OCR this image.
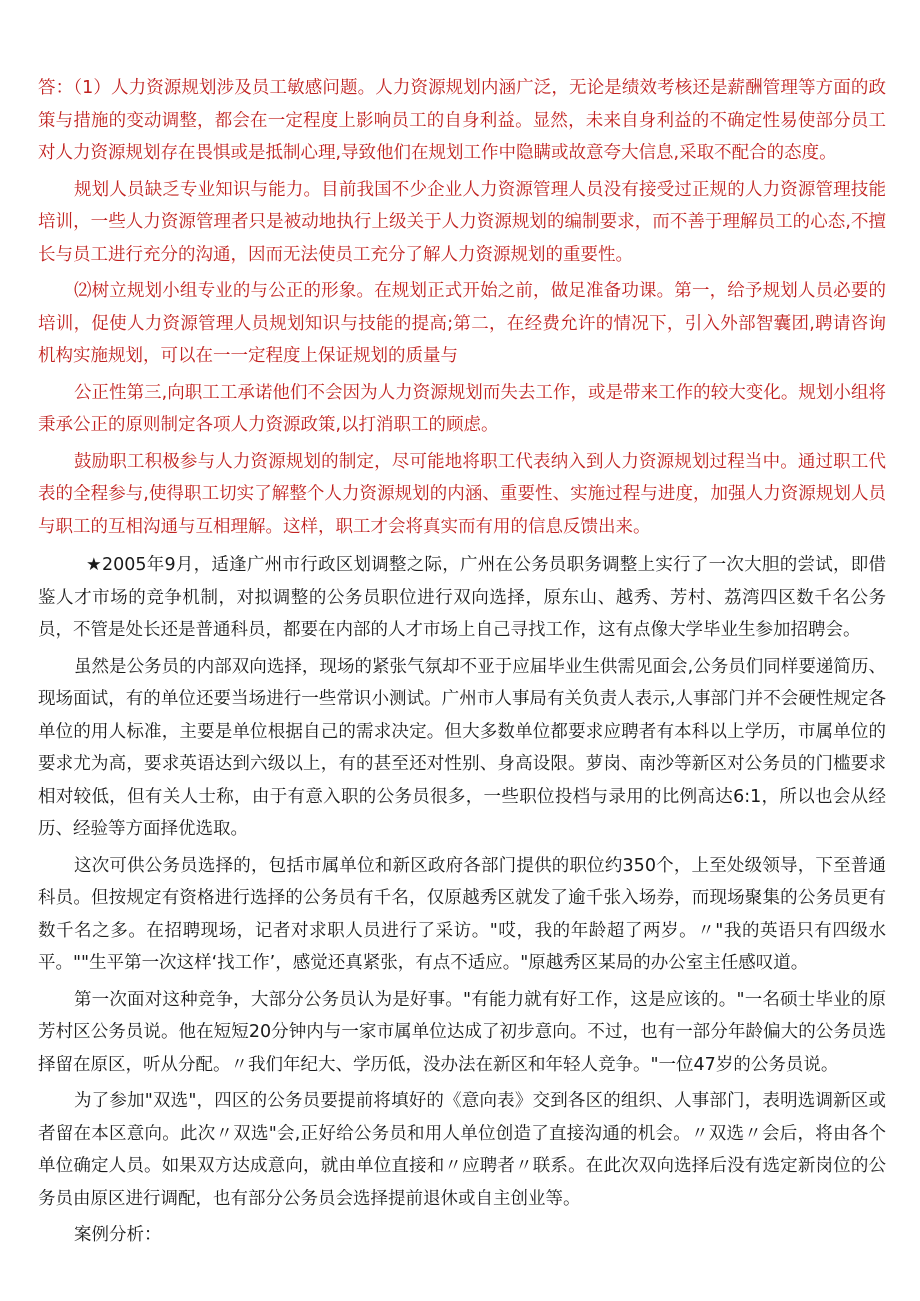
答：（1）人力资源规划涉及员工敏感问题。人力资源规划内涵广泛，无论是绩效考核还是薪酬管理等方面的政策与措施的变动调整，都会在一定程度上影响员工的自身利益。显然，未来自身利益的不确定性易使部分员工对人力资源规划存在畏惧或是抵制心理,导致他们在规划工作中隐瞒或故意夸大信息,采取不配合的态度。

规划人员缺乏专业知识与能力。目前我国不少企业人力资源管理人员没有接受过正规的人力资源管理技能培训，一些人力资源管理者只是被动地执行上级关于人力资源规划的编制要求，而不善于理解员工的心态,不擅长与员工进行充分的沟通，因而无法使员工充分了解人力资源规划的重要性。

⑵树立规划小组专业的与公正的形象。在规划正式开始之前，做足准备功课。第一，给予规划人员必要的培训，促使人力资源管理人员规划知识与技能的提高;第二，在经费允许的情况下，引入外部智囊团,聘请咨询机构实施规划，可以在一一定程度上保证规划的质量与

公正性第三,向职工工承诺他们不会因为人力资源规划而失去工作，或是带来工作的较大变化。规划小组将秉承公正的原则制定各项人力资源政策,以打消职工的顾虑。

鼓励职工积极参与人力资源规划的制定，尽可能地将职工代表纳入到人力资源规划过程当中。通过职工代表的全程参与,使得职工切实了解整个人力资源规划的内涵、重要性、实施过程与进度，加强人力资源规划人员与职工的互相沟通与互相理解。这样，职工才会将真实而有用的信息反馈出来。

★2005年9月，适逢广州市行政区划调整之际，广州在公务员职务调整上实行了一次大胆的尝试，即借鉴人才市场的竞争机制，对拟调整的公务员职位进行双向选择，原东山、越秀、芳村、荔湾四区数千名公务员，不管是处长还是普通科员，都要在内部的人才市场上自己寻找工作，这有点像大学毕业生参加招聘会。

虽然是公务员的内部双向选择，现场的紧张气氛却不亚于应届毕业生供需见面会,公务员们同样要递简历、现场面试，有的单位还要当场进行一些常识小测试。广州市人事局有关负责人表示,人事部门并不会硬性规定各单位的用人标准，主要是单位根据自己的需求决定。但大多数单位都要求应聘者有本科以上学历，市属单位的要求尤为高，要求英语达到六级以上，有的甚至还对性别、身高设限。萝岗、南沙等新区对公务员的门槛要求相对较低，但有关人士称，由于有意入职的公务员很多，一些职位投档与录用的比例高达6:1，所以也会从经历、经验等方面择优选取。

这次可供公务员选择的，包括市属单位和新区政府各部门提供的职位约350个，上至处级领导，下至普通科员。但按规定有资格进行选择的公务员有千名，仅原越秀区就发了逾千张入场券，而现场聚集的公务员更有数千名之多。在招聘现场，记者对求职人员进行了采访。"哎，我的年龄超了两岁。〃"我的英语只有四级水平。""生平第一次这样‘找工作’，感觉还真紧张，有点不适应。"原越秀区某局的办公室主任感叹道。

第一次面对这种竞争，大部分公务员认为是好事。"有能力就有好工作，这是应该的。"一名硕士毕业的原芳村区公务员说。他在短短20分钟内与一家市属单位达成了初步意向。不过，也有一部分年龄偏大的公务员选择留在原区，听从分配。〃我们年纪大、学历低，没办法在新区和年轻人竞争。"一位47岁的公务员说。

为了参加"双选"，四区的公务员要提前将填好的《意向表》交到各区的组织、人事部门，表明选调新区或者留在本区意向。此次〃双选"会,正好给公务员和用人单位创造了直接沟通的机会。〃双选〃会后，将由各个单位确定人员。如果双方达成意向，就由单位直接和〃应聘者〃联系。在此次双向选择后没有选定新岗位的公务员由原区进行调配，也有部分公务员会选择提前退休或自主创业等。

案例分析：
